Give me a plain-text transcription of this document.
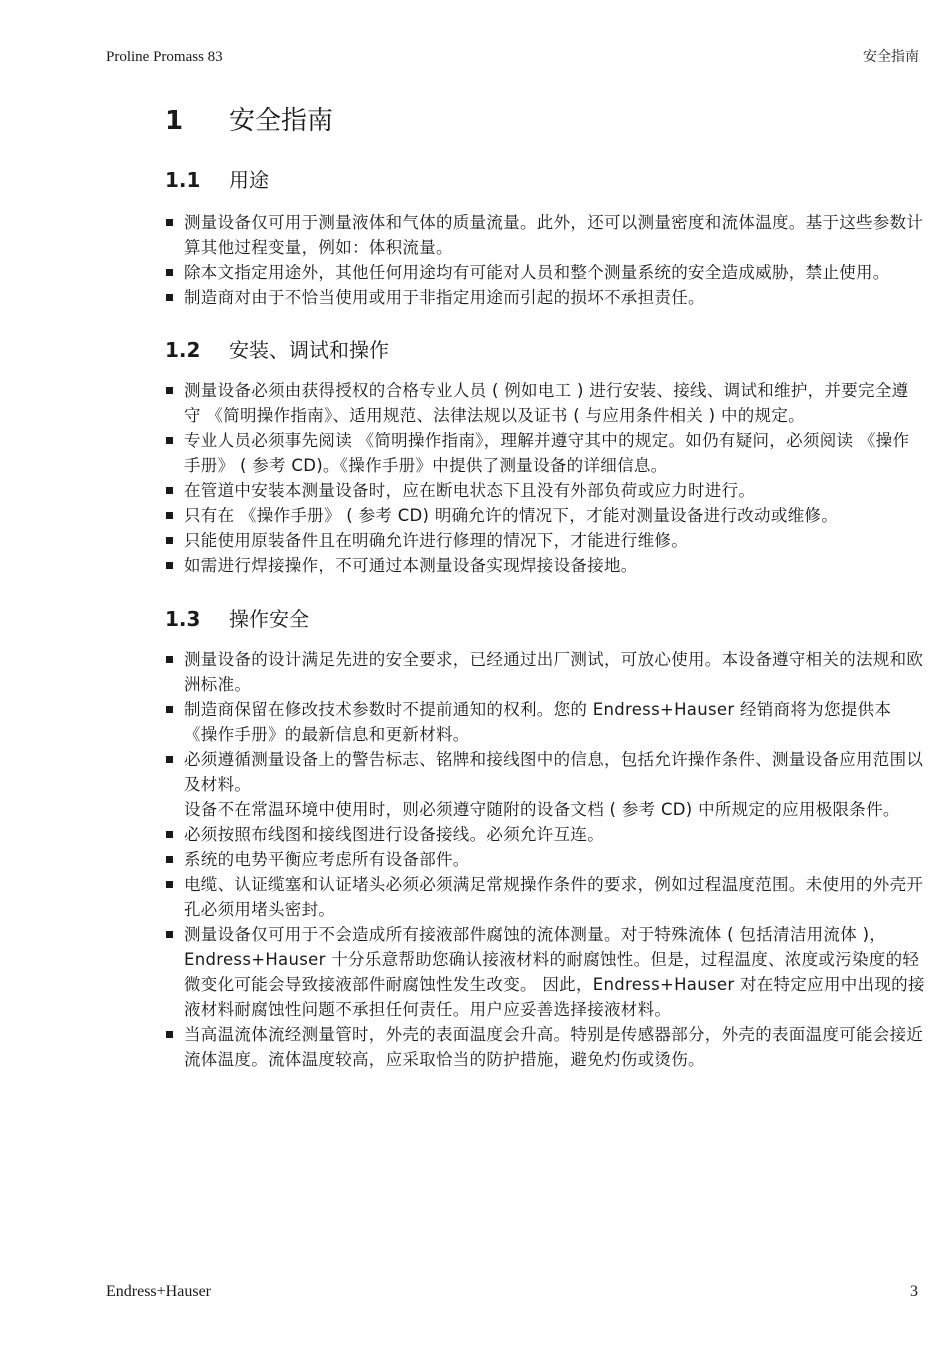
Proline Promass 83	安全指南
1	安全指南
1.1	用途
测量设备仅可用于测量液体和气体的质量流量。此外，还可以测量密度和流体温度。基于这些参数计算其他过程变量，例如：体积流量。
除本文指定用途外，其他任何用途均有可能对人员和整个测量系统的安全造成威胁，禁止使用。
制造商对由于不恰当使用或用于非指定用途而引起的损坏不承担责任。
1.2	安装、调试和操作
测量设备必须由获得授权的合格专业人员 ( 例如电工 ) 进行安装、接线、调试和维护，并要完全遵守 《简明操作指南》、适用规范、法律法规以及证书 ( 与应用条件相关 ) 中的规定。
专业人员必须事先阅读 《简明操作指南》，理解并遵守其中的规定。如仍有疑问，必须阅读 《操作手册》 ( 参考 CD)。《操作手册》中提供了测量设备的详细信息。
在管道中安装本测量设备时，应在断电状态下且没有外部负荷或应力时进行。
只有在 《操作手册》 ( 参考 CD) 明确允许的情况下，才能对测量设备进行改动或维修。
只能使用原装备件且在明确允许进行修理的情况下，才能进行维修。
如需进行焊接操作，不可通过本测量设备实现焊接设备接地。
1.3	操作安全
测量设备的设计满足先进的安全要求，已经通过出厂测试，可放心使用。本设备遵守相关的法规和欧洲标准。
制造商保留在修改技术参数时不提前通知的权利。您的 Endress+Hauser 经销商将为您提供本 《操作手册》的最新信息和更新材料。
必须遵循测量设备上的警告标志、铭牌和接线图中的信息，包括允许操作条件、测量设备应用范围以及材料。
设备不在常温环境中使用时，则必须遵守随附的设备文档 ( 参考 CD) 中所规定的应用极限条件。
必须按照布线图和接线图进行设备接线。必须允许互连。
系统的电势平衡应考虑所有设备部件。
电缆、认证缆塞和认证堵头必须必须满足常规操作条件的要求，例如过程温度范围。未使用的外壳开孔必须用堵头密封。
测量设备仅可用于不会造成所有接液部件腐蚀的流体测量。对于特殊流体 ( 包括清洁用流体 )，Endress+Hauser 十分乐意帮助您确认接液材料的耐腐蚀性。但是，过程温度、浓度或污染度的轻微变化可能会导致接液部件耐腐蚀性发生改变。 因此，Endress+Hauser 对在特定应用中出现的接液材料耐腐蚀性问题不承担任何责任。用户应妥善选择接液材料。
当高温流体流经测量管时，外壳的表面温度会升高。特别是传感器部分，外壳的表面温度可能会接近流体温度。流体温度较高，应采取恰当的防护措施，避免灼伤或烫伤。
Endress+Hauser	3
